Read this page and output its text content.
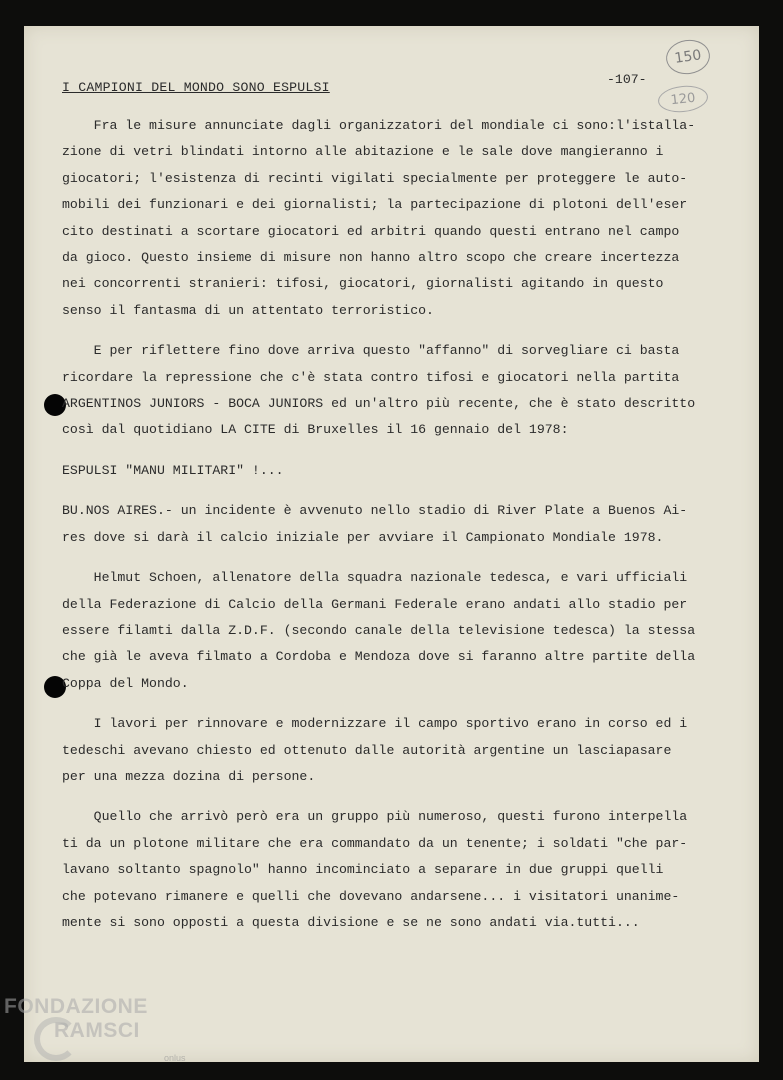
I CAMPIONI DEL MONDO SONO ESPULSI
-107-
150
120
Fra le misure annunciate dagli organizzatori del mondiale ci sono:l'istalla-
zione di vetri blindati intorno alle abitazione e le sale dove mangieranno i
giocatori; l'esistenza di recinti vigilati specialmente per proteggere le auto-
mobili dei funzionari e dei giornalisti; la partecipazione di plotoni dell'eser
cito destinati a scortare giocatori ed arbitri quando questi entrano nel campo
da gioco. Questo insieme di misure non hanno altro scopo che creare incertezza
nei concorrenti stranieri: tifosi, giocatori, giornalisti agitando in questo
senso il fantasma di un attentato terroristico.
E per riflettere fino dove arriva questo "affanno" di sorvegliare ci basta
ricordare la repressione che c'è stata contro tifosi e giocatori nella partita
ARGENTINOS JUNIORS - BOCA JUNIORS ed un'altro più recente, che è stato descritto
così dal quotidiano LA CITE di Bruxelles il 16 gennaio del 1978:
ESPULSI "MANU MILITARI" !...
BU.NOS AIRES.- un incidente è avvenuto nello stadio di River Plate a Buenos Ai-
res dove si darà il calcio iniziale per avviare il Campionato Mondiale 1978.
Helmut Schoen, allenatore della squadra nazionale tedesca, e vari ufficiali
della Federazione di Calcio della Germani Federale erano andati allo stadio per
essere filamti dalla Z.D.F. (secondo canale della televisione tedesca) la stessa
che già le aveva filmato a Cordoba e Mendoza dove si faranno altre partite della
Coppa del Mondo.
I lavori per rinnovare e modernizzare il campo sportivo erano in corso ed i
tedeschi avevano chiesto ed ottenuto dalle autorità argentine un lasciapasare
per una mezza dozina di persone.
Quello che arrivò però era un gruppo più numeroso, questi furono interpella
ti da un plotone militare che era commandato da un tenente; i soldati "che par-
lavano soltanto spagnolo" hanno incominciato a separare in due gruppi quelli
che potevano rimanere e quelli che dovevano andarsene... i visitatori unanime-
mente si sono opposti a questa divisione e se ne sono andati via.tutti...
FONDAZIONE
RAMSCI
onlus
